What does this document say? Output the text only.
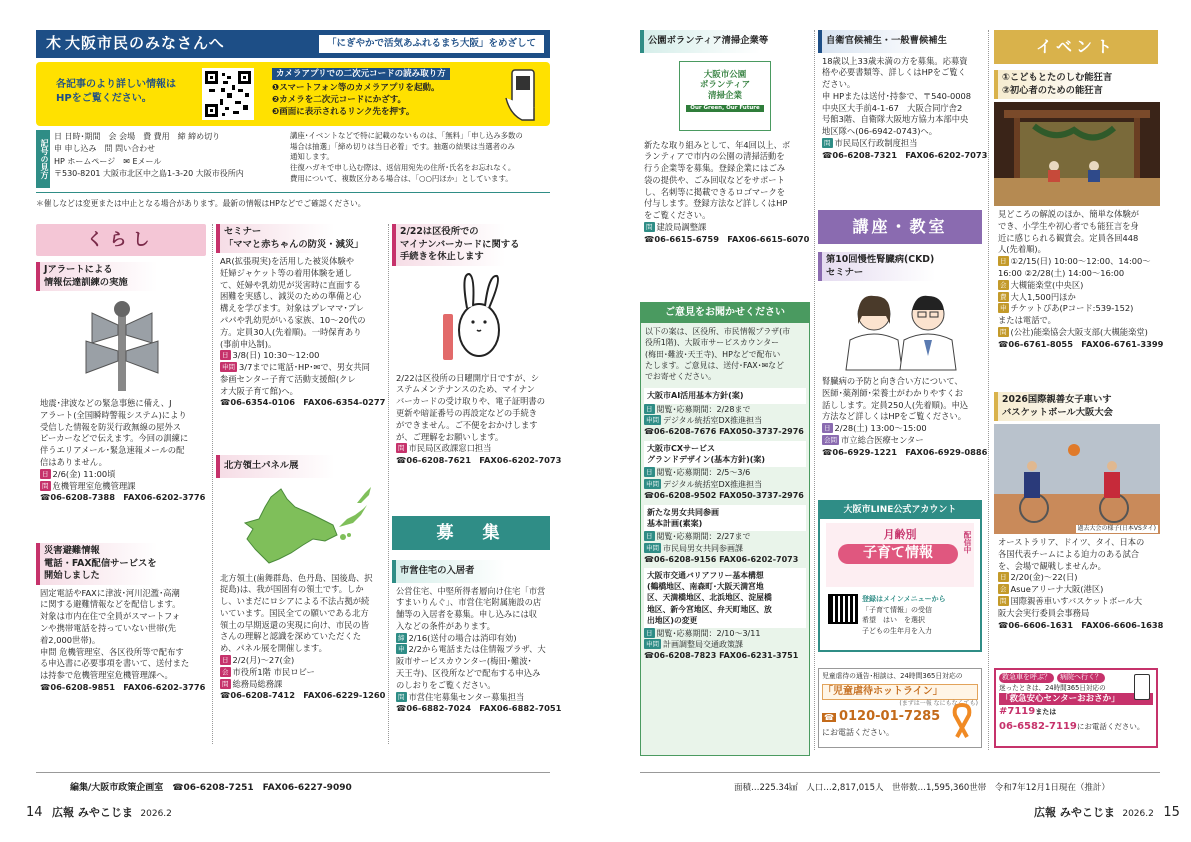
⽊ 大阪市民のみなさんへ	「にぎやかで活気あふれるまち大阪」をめざして
各記事のより詳しい情報は
HPをご覧ください。
カメラアプリでの二次元コードの読み取り方
❶スマートフォン等のカメラアプリを起動。
❷カメラを二次元コードにかざす。
❸画面に表示されるリンク先を押す。
記号の見方
日 日時･期間　会 会場　費 費用　締 締め切り
申 申し込み　問 問い合わせ
HP ホームページ　✉ Eメール
〒530-8201 大阪市北区中之島1-3-20 大阪市役所内
講座･イベントなどで特に記載のないものは、「無料」「申し込み多数の
場合は抽選」「締め切りは当日必着」です。抽選の結果は当選者のみ
通知します。
往復ハガキで申し込む際は、返信用宛先の住所･氏名をお忘れなく。
費用について、複数区分ある場合は、「○○円ほか」としています。
＊催しなどは変更または中止となる場合があります。最新の情報はHPなどでご確認ください。
くらし
Jアラートによる
情報伝達訓練の実施
地震･津波などの緊急事態に備え、J
アラート(全国瞬時警報システム)により
受信した情報を防災行政無線の屋外ス
ピーカーなどで伝えます。今回の訓練に
伴うエリアメール･緊急速報メールの配
信はありません。
日 2/6(金) 11:00頃
問 危機管理室危機管理課
☎06-6208-7388　FAX06-6202-3776
災害避難情報
電話・FAX配信サービスを
開始しました
固定電話やFAXに津波･河川氾濫･高潮
に関する避難情報などを配信します。
対象は市内在住で全員がスマートフォ
ンや携帯電話を持っていない世帯(先
着2,000世帯)。
申問 危機管理室、各区役所等で配布す
る申込書に必要事項を書いて、送付また
は持参で危機管理室危機管理課へ。
☎06-6208-9851　FAX06-6202-3776
セミナー
「ママと赤ちゃんの防災・減災」
AR(拡張現実)を活用した被災体験や
妊婦ジャケット等の着用体験を通し
て、妊婦や乳幼児が災害時に直面する
困難を実感し、減災のための準備と心
構えを学びます。対象はプレママ･プレ
パパや乳幼児がいる家族、10～20代の
方。定員30人(先着順)。一時保育あり
(事前申込制)。
日 3/8(日) 10:30～12:00
申問 3/7までに電話･HP･✉で、男女共同
参画センター子育て活動支援館(クレ
オ大阪子育て館)へ。
☎06-6354-0106　FAX06-6354-0277
北方領土パネル展
北方領土(歯舞群島、色丹島、国後島、択
捉島)は、我が国固有の領土です。しか
し、いまだにロシアによる不法占拠が続
いています。国民全ての願いである北方
領土の早期返還の実現に向け、市民の皆
さんの理解と認識を深めていただくた
め、パネル展を開催します。
日 2/2(月)～27(金)
会 市役所1階 市民ロビー
問 総務局総務課
☎06-6208-7412　FAX06-6229-1260
2/22は区役所での
マイナンバーカードに関する
手続きを休止します
2/22は区役所の日曜開庁日ですが、シ
ステムメンテナンスのため、マイナン
バーカードの受け取りや、電子証明書の
更新や暗証番号の再設定などの手続き
ができません。ご不便をおかけします
が、ご理解をお願いします。
問 市民局区政課窓口担当
☎06-6208-7621　FAX06-6202-7073
募　集
市営住宅の入居者
公営住宅、中堅所得者層向け住宅「市営
すまいりんぐ」、市営住宅附属施設の店
舗等の入居者を募集。申し込みには収
入などの条件があります。
締 2/16(送付の場合は消印有効)
申 2/2から電話または住情報プラザ、大
阪市サービスカウンター(梅田･難波･
天王寺)、区役所などで配布する申込み
のしおりをご覧ください。
問 市営住宅募集センター募集担当
☎06-6882-7024　FAX06-6882-7051
編集/大阪市政策企画室　☎06-6208-7251　FAX06-6227-9090
14 広報 みやこじま 2026.2
公園ボランティア清掃企業等
大阪市公園
ボランティア
清掃企業
Our Green, Our Future
新たな取り組みとして、年4回以上、ボ
ランティアで市内の公園の清掃活動を
行う企業等を募集。登録企業にはごみ
袋の提供や、ごみ回収などをサポート
し、名刺等に掲載できるロゴマークを
付与します。登録方法など詳しくはHP
をご覧ください。
問 建設局調整課
☎06-6615-6759　FAX06-6615-6070
ご意見をお聞かせください
以下の案は、区役所、市民情報プラザ(市
役所1階)、大阪市サービスカウンター
(梅田･難波･天王寺)、HPなどで配布い
たします。ご意見は、送付･FAX･✉など
でお寄せください。
大阪市AI活用基本方針(案)
日 閲覧･応募期間：2/28まで
申問 デジタル統括室DX推進担当
☎06-6208-7676 FAX050-3737-2976
大阪市CXサービス
グランドデザイン(基本方針)(案)
日 閲覧･応募期間：2/5～3/6
申問 デジタル統括室DX推進担当
☎06-6208-9502 FAX050-3737-2976
新たな男女共同参画
基本計画(素案)
日 閲覧･応募期間：2/27まで
申問 市民局男女共同参画課
☎06-6208-9156 FAX06-6202-7073
大阪市交通バリアフリー基本構想
(鶴橋地区、南森町･大阪天満宮地
区、天満橋地区、北浜地区、淀屋橋
地区、新今宮地区、弁天町地区、放
出地区)の変更
日 閲覧･応募期間：2/10～3/11
申問 計画調整局交通政策課
☎06-6208-7823 FAX06-6231-3751
自衛官候補生・一般曹候補生
18歳以上33歳未満の方を募集。応募資
格や必要書類等、詳しくはHPをご覧く
ださい。
申 HPまたは送付･持参で、〒540-0008
中央区大手前4-1-67　大阪合同庁舎2
号館3階、自衛隊大阪地方協力本部中央
地区隊へ(06-6942-0743)へ。
問 市民局区行政制度担当
☎06-6208-7321　FAX06-6202-7073
講座・教室
第10回慢性腎臓病(CKD)
セミナー
腎臓病の予防と向き合い方について、
医師･薬剤師･栄養士がわかりやすくお
話しします。定員250人(先着順)。申込
方法など詳しくはHPをご覧ください。
日 2/28(土) 13:00～15:00
会問 市立総合医療センター
☎06-6929-1221　FAX06-6929-0886
大阪市LINE公式アカウント
月齢別
子育て情報
配信中
登録はメインメニューから
「子育て情報」の受信
希望　はい　を選択
子どもの生年月を入力
児童虐待の通告･相談は、24時間365日対応の
「児童虐待ホットライン」
(まずは一報 なにもなくても)
☎ 0120-01-7285
にお電話ください。
イベント
①こどもとたのしむ能狂言
②初心者のための能狂言
見どころの解説のほか、簡単な体験が
でき、小学生や初心者でも能狂言を身
近に感じられる観賞会。定員各回448
人(先着順)。
日 ①2/15(日) 10:00～12:00、14:00～
16:00 ②2/28(土) 14:00～16:00
会 大槻能楽堂(中央区)
費 大人1,500円ほか
申 チケットぴあ(Pコード:539-152)
または電話で。
問 (公社)能楽協会大阪支部(大槻能楽堂)
☎06-6761-8055　FAX06-6761-3399
2026国際親善女子車いす
バスケットボール大阪大会
過去大会の様子(日本VSタイ)
オーストラリア、ドイツ、タイ、日本の
各国代表チームによる迫力のある試合
を、会場で観戦しませんか。
日 2/20(金)～22(日)
会 Asueアリーナ大阪(港区)
問 国際親善車いすバスケットボール大
阪大会実行委員会事務局
☎06-6606-1631　FAX06-6606-1638
救急車を呼ぶ？	病院へ行く？
迷ったときは、24時間365日対応の
「救急安心センターおおさか」
#7119または
06-6582-7119にお電話ください。
面積…225.34㎢　人口…2,817,015人　世帯数…1,595,360世帯　令和7年12月1日現在（推計）
広報 みやこじま 2026.2 15
